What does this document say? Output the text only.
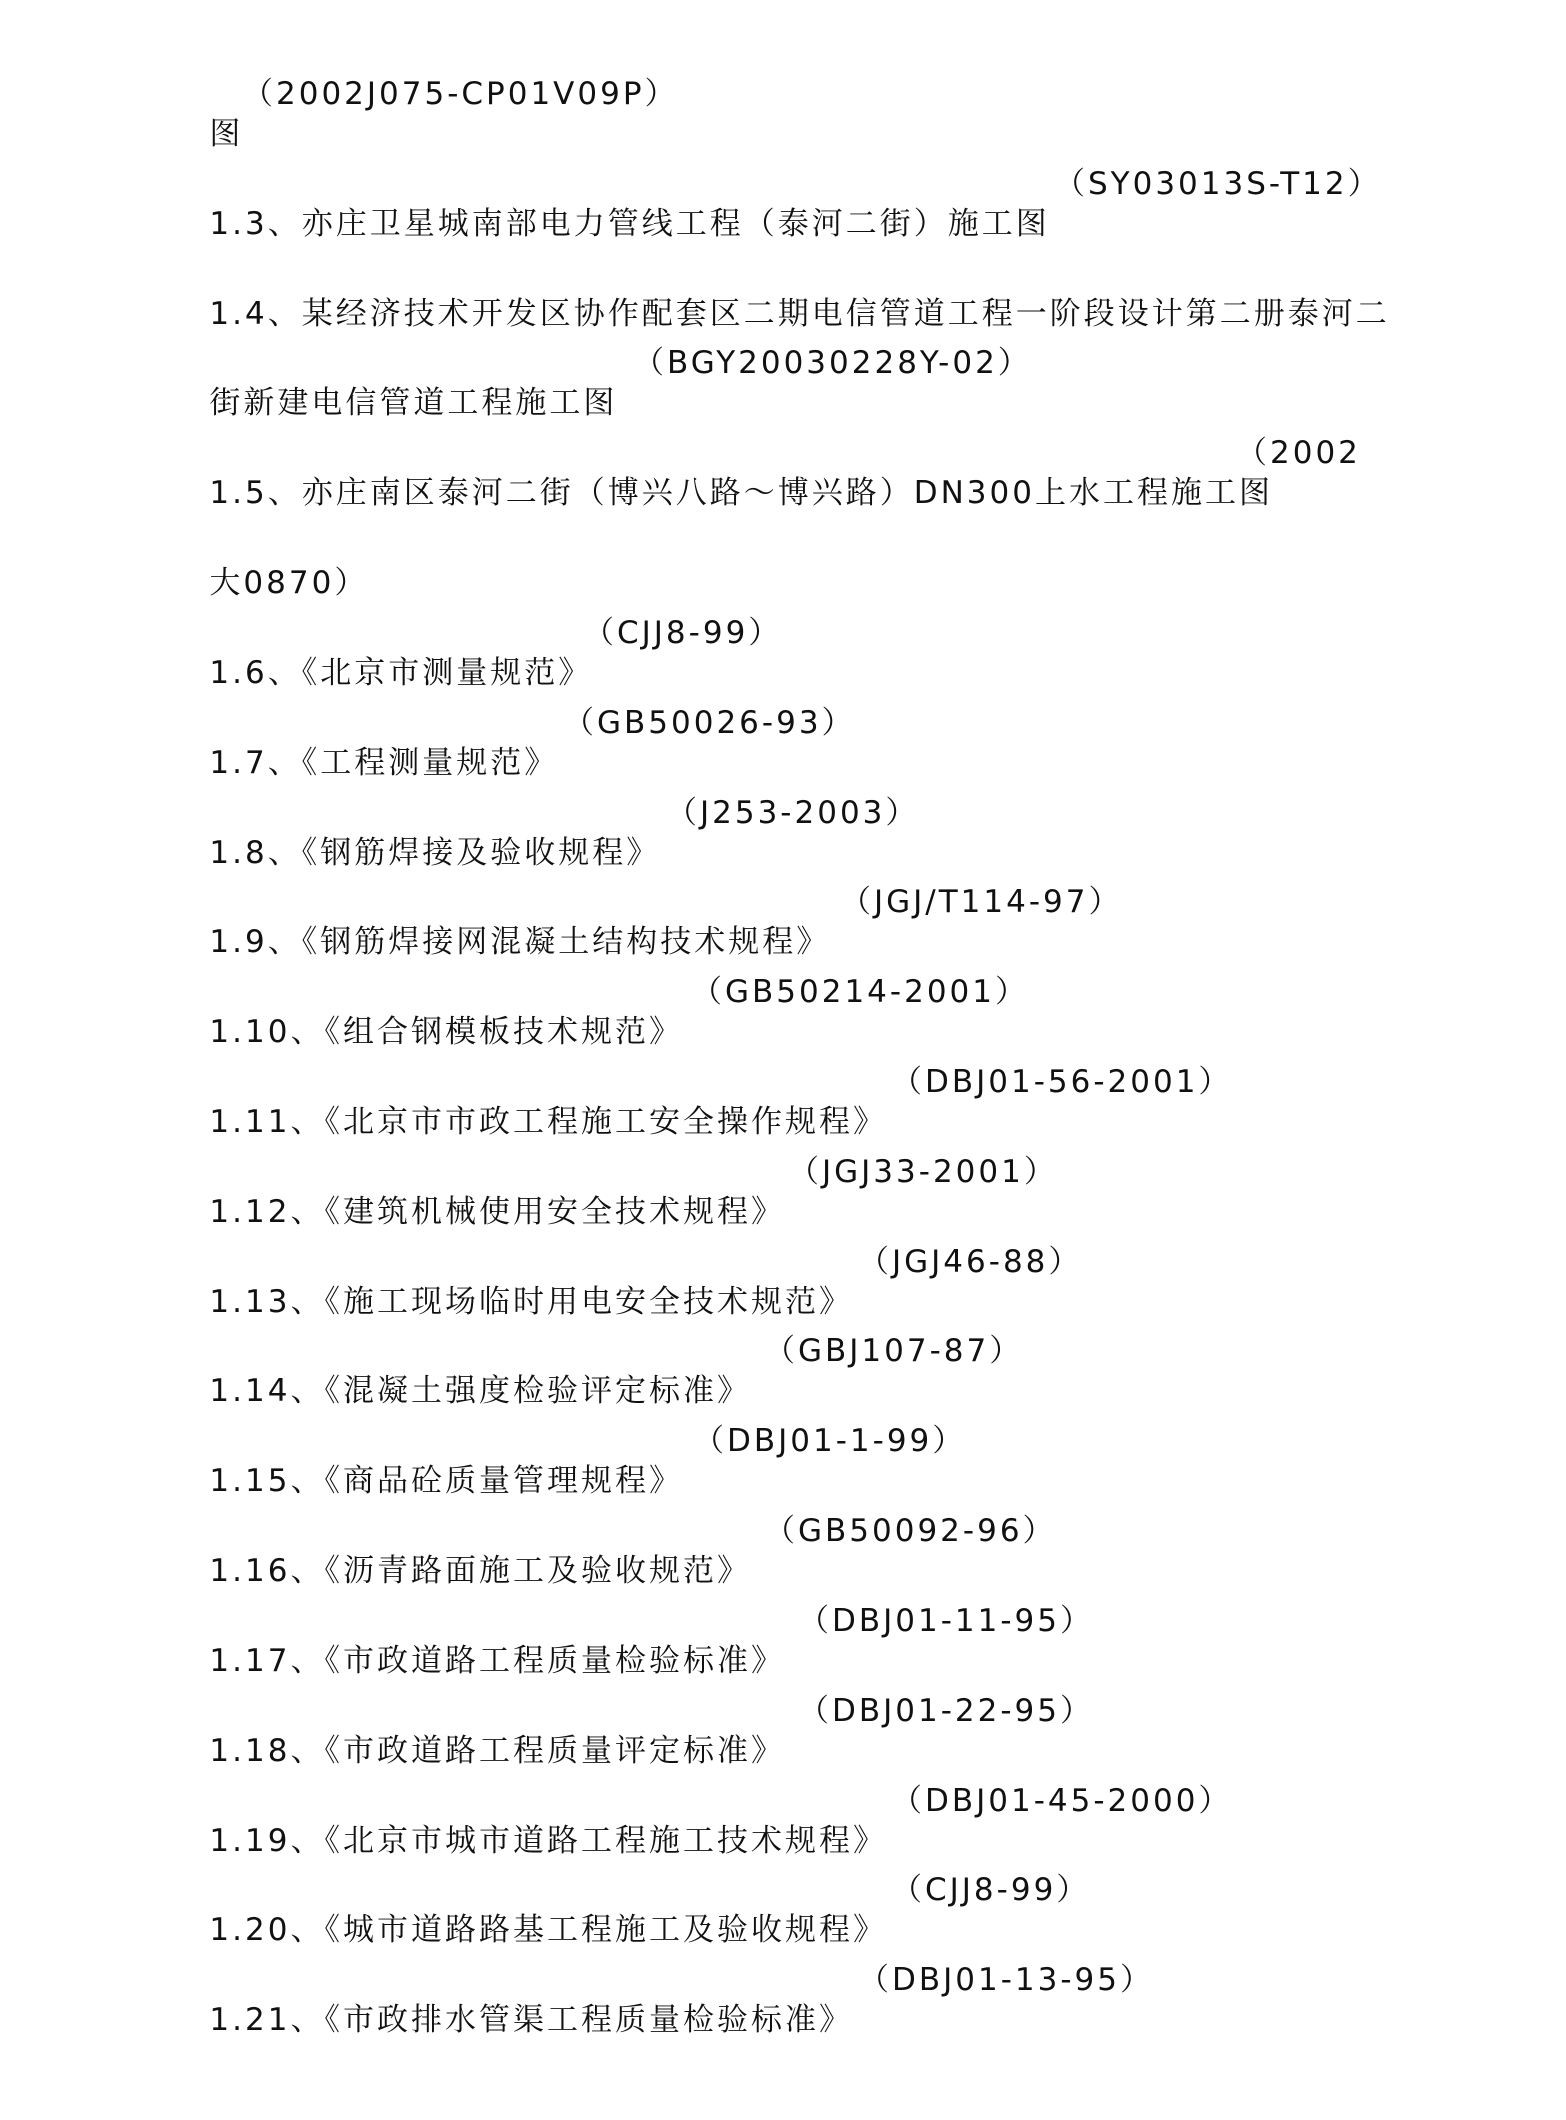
图

（2002J075-CP01V09P）

1.3、亦庄卫星城南部电力管线工程（泰河二街）施工图

（SY03013S-T12）

1.4、某经济技术开发区协作配套区二期电信管道工程一阶段设计第二册泰河二

街新建电信管道工程施工图

（BGY20030228Y-02）

1.5、亦庄南区泰河二街（博兴八路～博兴路）DN300上水工程施工图

（2002

大0870）

1.6、《北京市测量规范》

（CJJ8-99）

1.7、《工程测量规范》

（GB50026-93）

1.8、《钢筋焊接及验收规程》

（J253-2003）

1.9、《钢筋焊接网混凝土结构技术规程》

（JGJ/T114-97）

1.10、《组合钢模板技术规范》

（GB50214-2001）

1.11、《北京市市政工程施工安全操作规程》

（DBJ01-56-2001）

1.12、《建筑机械使用安全技术规程》

（JGJ33-2001）

1.13、《施工现场临时用电安全技术规范》

（JGJ46-88）

1.14、《混凝土强度检验评定标准》

（GBJ107-87）

1.15、《商品砼质量管理规程》

（DBJ01-1-99）

1.16、《沥青路面施工及验收规范》

（GB50092-96）

1.17、《市政道路工程质量检验标准》

（DBJ01-11-95）

1.18、《市政道路工程质量评定标准》

（DBJ01-22-95）

1.19、《北京市城市道路工程施工技术规程》

（DBJ01-45-2000）

1.20、《城市道路路基工程施工及验收规程》

（CJJ8-99）

1.21、《市政排水管渠工程质量检验标准》

（DBJ01-13-95）
